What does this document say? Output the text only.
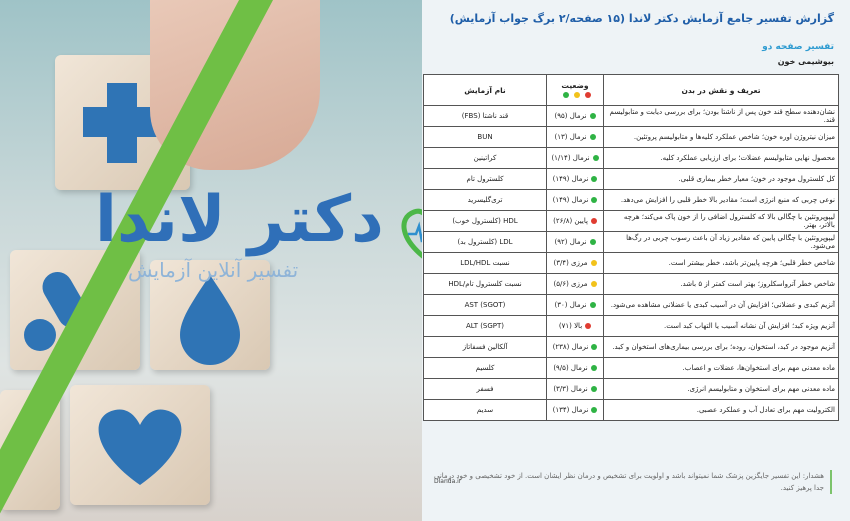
دکتر لاندا
تفسیر آنلاین آزمایش
گزارش تفسیر جامع آزمایش دکتر لاندا (۱۵ صفحه/۲ برگ جواب آزمایش)
تفسیر صفحه دو
بیوشیمی خون
تعریف و نقش در بدن	وضعیت	نام آزمایش
نشان‌دهنده سطح قند خون پس از ناشتا بودن؛ برای بررسی دیابت و متابولیسم قند.	نرمال (۹۵)	قند ناشتا (FBS)
میزان نیتروژن اوره خون؛ شاخص عملکرد کلیه‌ها و متابولیسم پروتئین.	نرمال (۱۳)	BUN
محصول نهایی متابولیسم عضلات؛ برای ارزیابی عملکرد کلیه.	نرمال (۱/۱۴)	کراتینین
کل کلسترول موجود در خون؛ معیار خطر بیماری قلبی.	نرمال (۱۴۹)	کلسترول تام
نوعی چربی که منبع انرژی است؛ مقادیر بالا خطر قلبی را افزایش می‌دهد.	نرمال (۱۴۹)	تری‌گلیسرید
لیپوپروتئین با چگالی بالا که کلسترول اضافی را از خون پاک می‌کند؛ هرچه بالاتر، بهتر.	پایین (۲۶/۸)	HDL (کلسترول خوب)
لیپوپروتئین با چگالی پایین که مقادیر زیاد آن باعث رسوب چربی در رگ‌ها می‌شود.	نرمال (۹۲)	LDL (کلسترول بد)
شاخص خطر قلبی؛ هرچه پایین‌تر باشد، خطر بیشتر است.	مرزی (۳/۴)	نسبت LDL/HDL
شاخص خطر آترواسکلروز؛ بهتر است کمتر از ۵ باشد.	مرزی (۵/۶)	نسبت کلسترول تام/HDL
آنزیم کبدی و عضلانی؛ افزایش آن در آسیب کبدی یا عضلانی مشاهده می‌شود.	نرمال (۳۰)	AST (SGOT)
آنزیم ویژه کبد؛ افزایش آن نشانه آسیب یا التهاب کبد است.	بالا (۷۱)	ALT (SGPT)
آنزیم موجود در کبد، استخوان، روده؛ برای بررسی بیماری‌های استخوان و کبد.	نرمال (۲۳۸)	آلکالین فسفاتاز
ماده معدنی مهم برای استخوان‌ها، عضلات و اعصاب.	نرمال (۹/۵)	کلسیم
ماده معدنی مهم برای استخوان و متابولیسم انرژی.	نرمال (۳/۳)	فسفر
الکترولیت مهم برای تعادل آب و عملکرد عصبی.	نرمال (۱۳۴)	سدیم
هشدار: این تفسیر جایگزین پزشک شما نمیتواند باشد و اولویت برای تشخیص و درمان نظر ایشان است. از خود تشخیصی و خود درمانی جدا پرهیز کنید.
Dlanda.ir
